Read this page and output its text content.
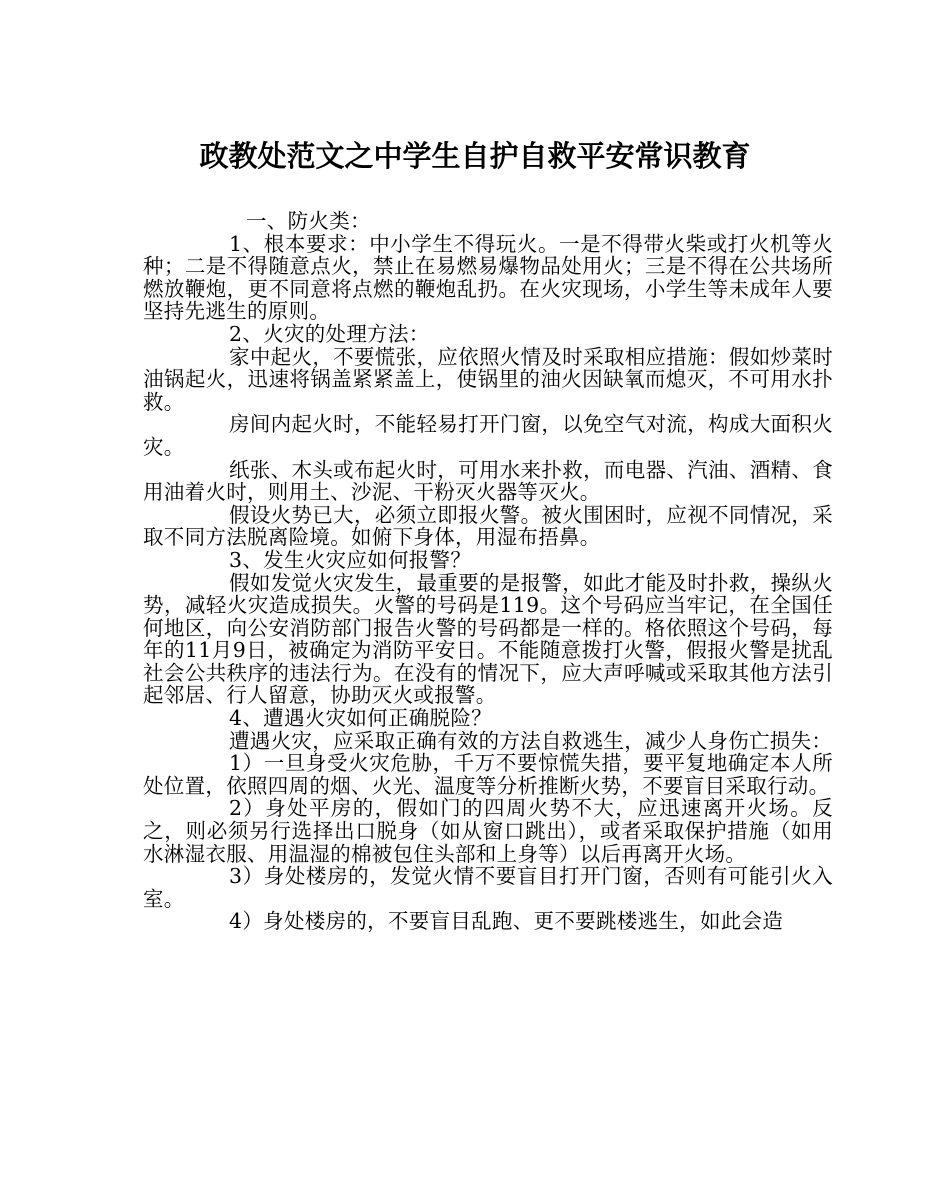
政教处范文之中学生自护自救平安常识教育

一、防火类：

1、根本要求：中小学生不得玩火。一是不得带火柴或打火机等火种；二是不得随意点火，禁止在易燃易爆物品处用火；三是不得在公共场所燃放鞭炮，更不同意将点燃的鞭炮乱扔。在火灾现场，小学生等未成年人要坚持先逃生的原则。

2、火灾的处理方法：

家中起火，不要慌张，应依照火情及时采取相应措施：假如炒菜时油锅起火，迅速将锅盖紧紧盖上，使锅里的油火因缺氧而熄灭，不可用水扑救。

房间内起火时，不能轻易打开门窗，以免空气对流，构成大面积火灾。

纸张、木头或布起火时，可用水来扑救，而电器、汽油、酒精、食用油着火时，则用土、沙泥、干粉灭火器等灭火。

假设火势已大，必须立即报火警。被火围困时，应视不同情况，采取不同方法脱离险境。如俯下身体，用湿布捂鼻。

3、发生火灾应如何报警？

假如发觉火灾发生，最重要的是报警，如此才能及时扑救，操纵火势，减轻火灾造成损失。火警的号码是119。这个号码应当牢记，在全国任何地区，向公安消防部门报告火警的号码都是一样的。格依照这个号码，每年的11月9日，被确定为消防平安日。不能随意拨打火警，假报火警是扰乱社会公共秩序的违法行为。在没有的情况下，应大声呼喊或采取其他方法引起邻居、行人留意，协助灭火或报警。

4、遭遇火灾如何正确脱险？

遭遇火灾，应采取正确有效的方法自救逃生，减少人身伤亡损失：

1）一旦身受火灾危胁，千万不要惊慌失措，要平复地确定本人所处位置，依照四周的烟、火光、温度等分析推断火势，不要盲目采取行动。

2）身处平房的，假如门的四周火势不大，应迅速离开火场。反之，则必须另行选择出口脱身（如从窗口跳出），或者采取保护措施（如用水淋湿衣服、用温湿的棉被包住头部和上身等）以后再离开火场。

3）身处楼房的，发觉火情不要盲目打开门窗，否则有可能引火入室。

4）身处楼房的，不要盲目乱跑、更不要跳楼逃生，如此会造
